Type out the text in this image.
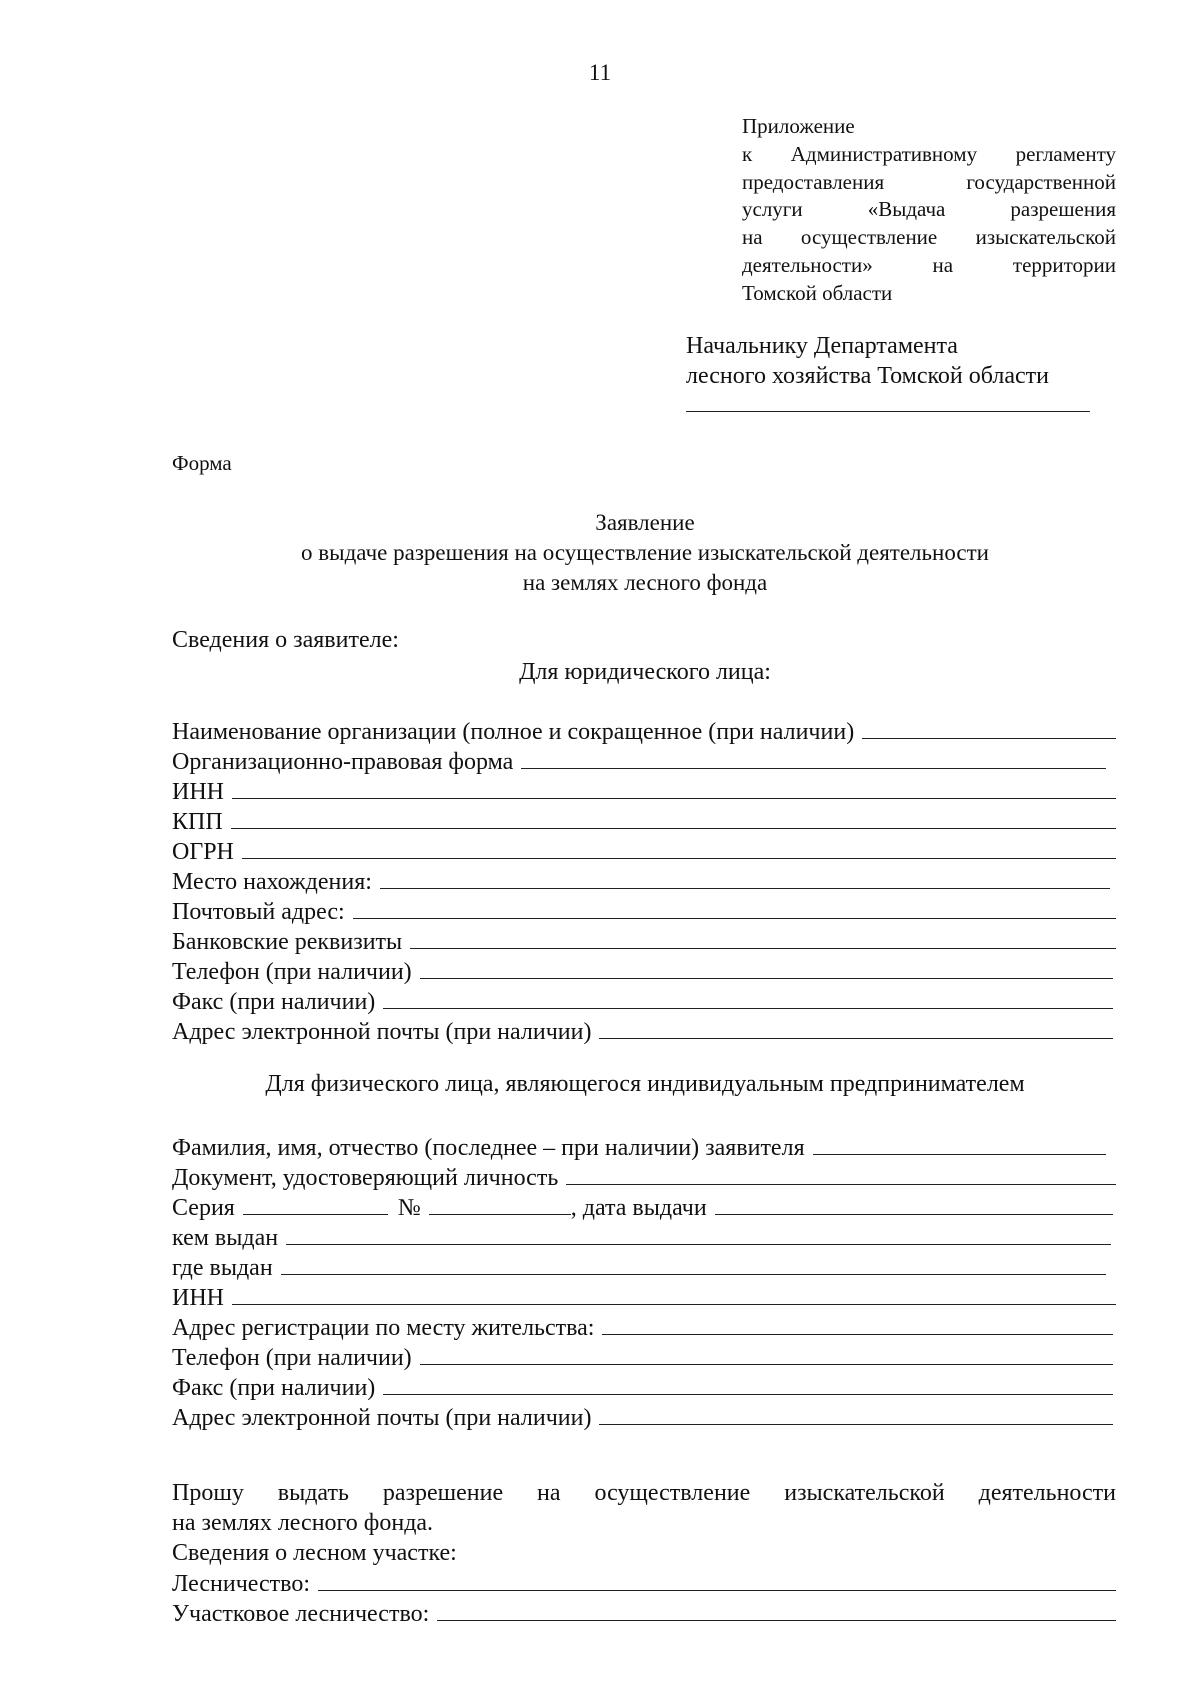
11
Приложение
к Административному регламенту
предоставления государственной
услуги «Выдача разрешения
на осуществление изыскательской
деятельности» на территории
Томской области
Начальнику Департамента
лесного хозяйства Томской области
Форма
Заявление
о выдаче разрешения на осуществление изыскательской деятельности
на землях лесного фонда
Сведения о заявителе:
Для юридического лица:
Наименование организации (полное и сокращенное (при наличии)
Организационно-правовая форма
ИНН
КПП
ОГРН
Место нахождения:
Почтовый адрес:
Банковские реквизиты
Телефон (при наличии)
Факс (при наличии)
Адрес электронной почты (при наличии)
Для физического лица, являющегося индивидуальным предпринимателем
Фамилия, имя, отчество (последнее – при наличии) заявителя
Документ, удостоверяющий личность
Серия	№	, дата выдачи
кем выдан
где выдан
ИНН
Адрес регистрации по месту жительства:
Телефон (при наличии)
Факс (при наличии)
Адрес электронной почты (при наличии)
Прошу выдать разрешение на осуществление изыскательской деятельности
на землях лесного фонда.
Сведения о лесном участке:
Лесничество:
Участковое лесничество:
